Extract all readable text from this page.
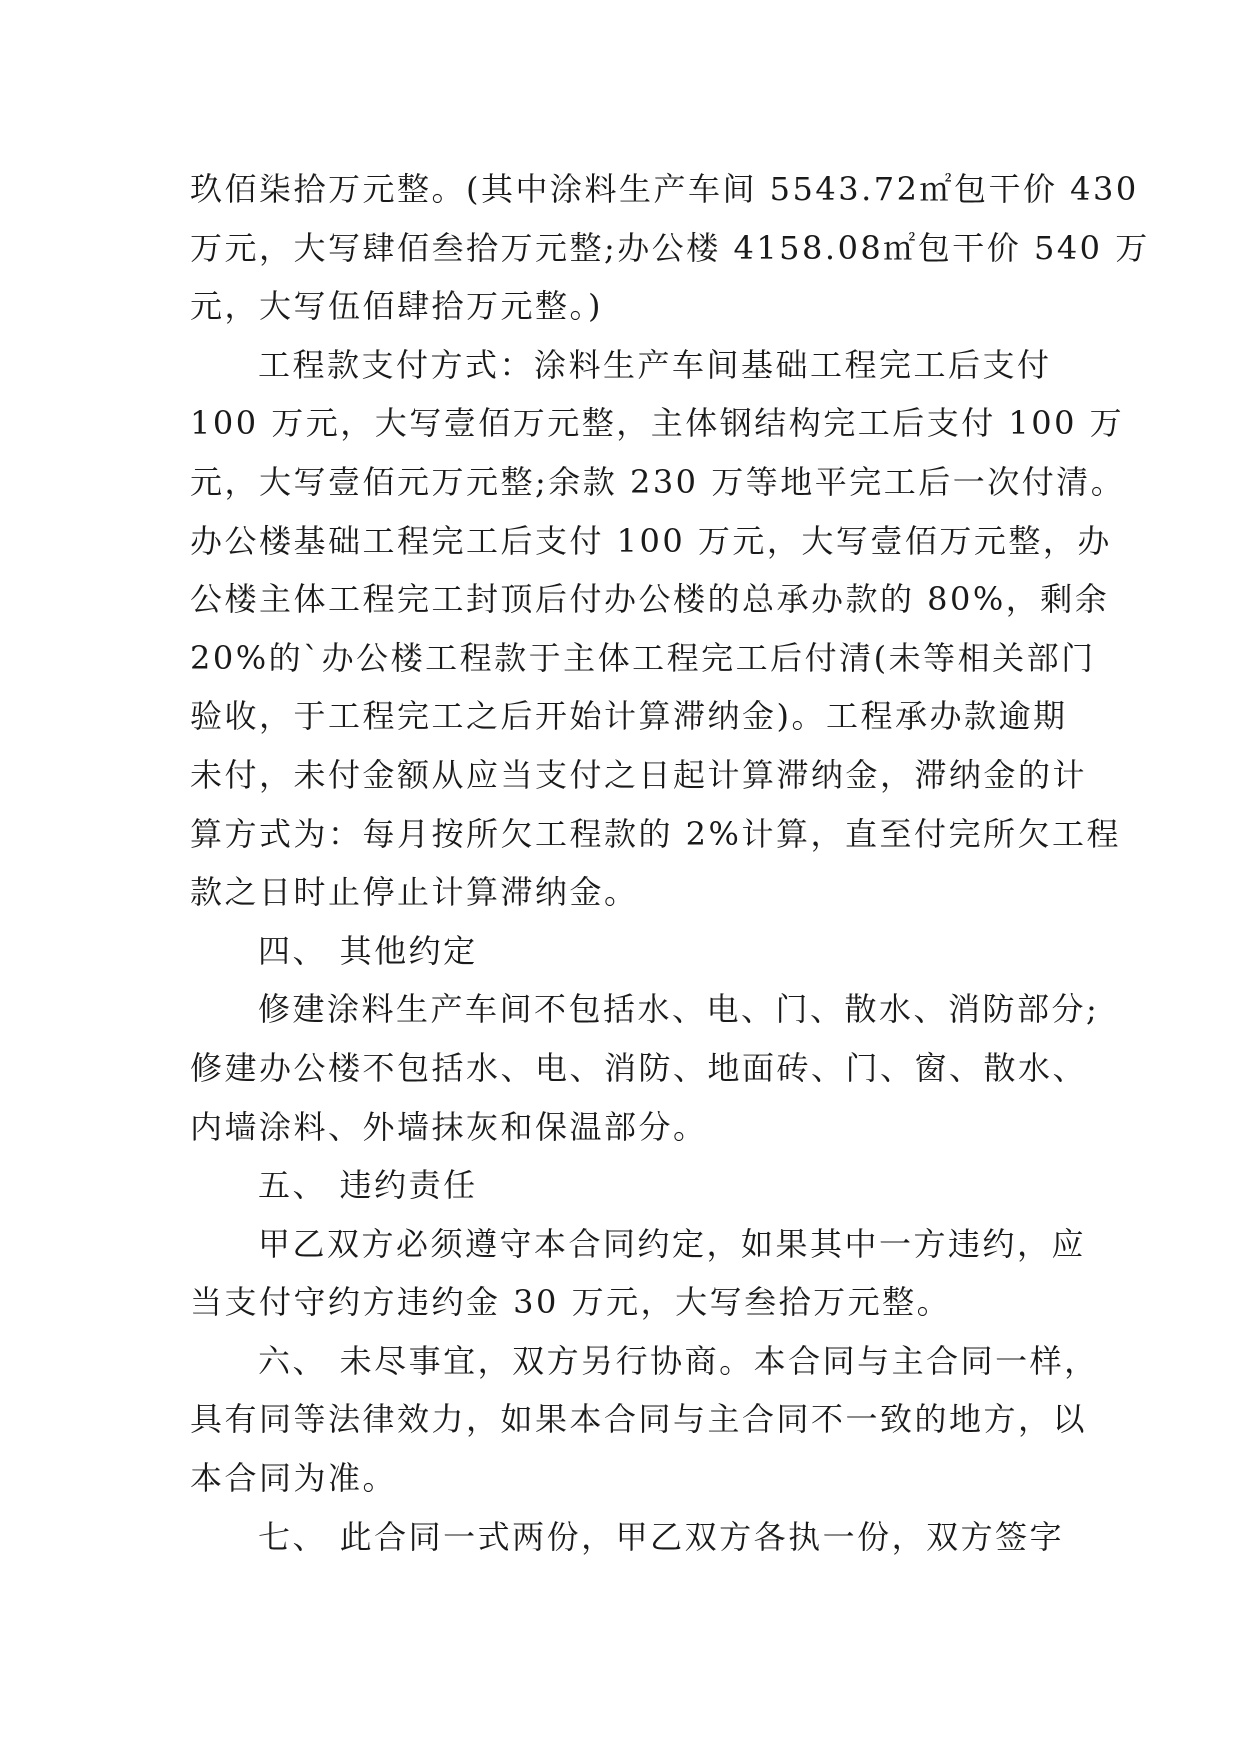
玖佰柒拾万元整。(其中涂料生产车间 5543.72㎡包干价 430
万元，大写肆佰叁拾万元整;办公楼 4158.08㎡包干价 540 万
元，大写伍佰肆拾万元整。)
工程款支付方式：涂料生产车间基础工程完工后支付
100 万元，大写壹佰万元整，主体钢结构完工后支付 100 万
元，大写壹佰元万元整;余款 230 万等地平完工后一次付清。
办公楼基础工程完工后支付 100 万元，大写壹佰万元整，办
公楼主体工程完工封顶后付办公楼的总承办款的 80%，剩余
20%的`办公楼工程款于主体工程完工后付清(未等相关部门
验收，于工程完工之后开始计算滞纳金)。工程承办款逾期
未付，未付金额从应当支付之日起计算滞纳金，滞纳金的计
算方式为：每月按所欠工程款的 2%计算，直至付完所欠工程
款之日时止停止计算滞纳金。
四、 其他约定
修建涂料生产车间不包括水、电、门、散水、消防部分;
修建办公楼不包括水、电、消防、地面砖、门、窗、散水、
内墙涂料、外墙抹灰和保温部分。
五、 违约责任
甲乙双方必须遵守本合同约定，如果其中一方违约，应
当支付守约方违约金 30 万元，大写叁拾万元整。
六、 未尽事宜，双方另行协商。本合同与主合同一样，
具有同等法律效力，如果本合同与主合同不一致的地方，以
本合同为准。
七、 此合同一式两份，甲乙双方各执一份，双方签字
